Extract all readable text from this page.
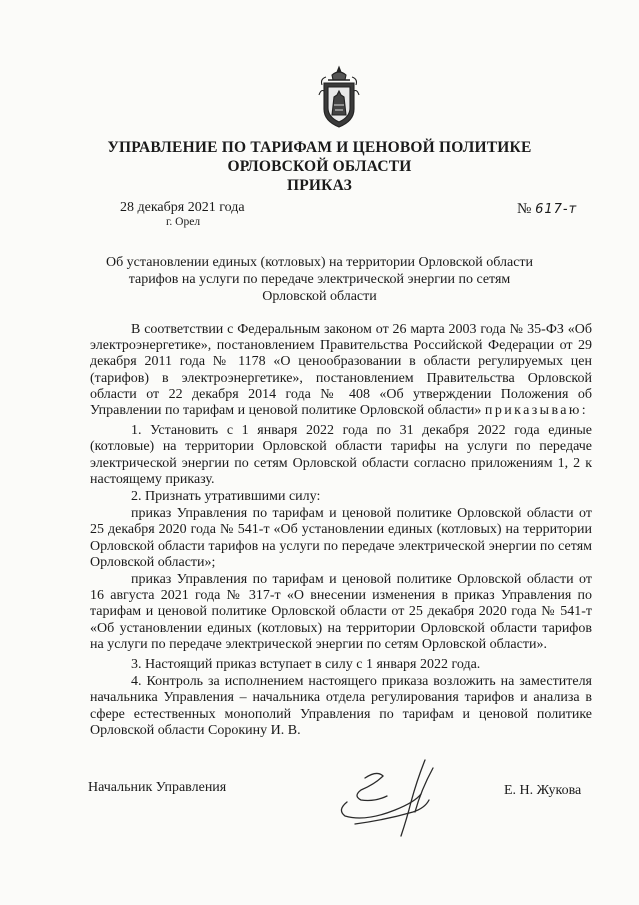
УПРАВЛЕНИЕ ПО ТАРИФАМ И ЦЕНОВОЙ ПОЛИТИКЕ
ОРЛОВСКОЙ ОБЛАСТИ
ПРИКАЗ
28 декабря 2021 года
г. Орел
№ 617-т
Об установлении единых (котловых) на территории Орловской области
тарифов на услуги по передаче электрической энергии по сетям
Орловской области

В соответствии с Федеральным законом от 26 марта 2003 года № 35-ФЗ «Об электроэнергетике», постановлением Правительства Российской Федерации от 29 декабря 2011 года № 1178 «О ценообразовании в области регулируемых цен (тарифов) в электроэнергетике», постановлением Правительства Орловской области от 22 декабря 2014 года № 408 «Об утверждении Положения об Управлении по тарифам и ценовой политике Орловской области» приказываю:

1. Установить с 1 января 2022 года по 31 декабря 2022 года единые (котловые) на территории Орловской области тарифы на услуги по передаче электрической энергии по сетям Орловской области согласно приложениям 1, 2 к настоящему приказу.

2. Признать утратившими силу:

приказ Управления по тарифам и ценовой политике Орловской области от 25 декабря 2020 года № 541-т «Об установлении единых (котловых) на территории Орловской области тарифов на услуги по передаче электрической энергии по сетям Орловской области»;

приказ Управления по тарифам и ценовой политике Орловской области от 16 августа 2021 года № 317-т «О внесении изменения в приказ Управления по тарифам и ценовой политике Орловской области от 25 декабря 2020 года № 541-т «Об установлении единых (котловых) на территории Орловской области тарифов на услуги по передаче электрической энергии по сетям Орловской области».

3. Настоящий приказ вступает в силу с 1 января 2022 года.

4. Контроль за исполнением настоящего приказа возложить на заместителя начальника Управления – начальника отдела регулирования тарифов и анализа в сфере естественных монополий Управления по тарифам и ценовой политике Орловской области Сорокину И. В.

Начальник Управления	Е. Н. Жукова
